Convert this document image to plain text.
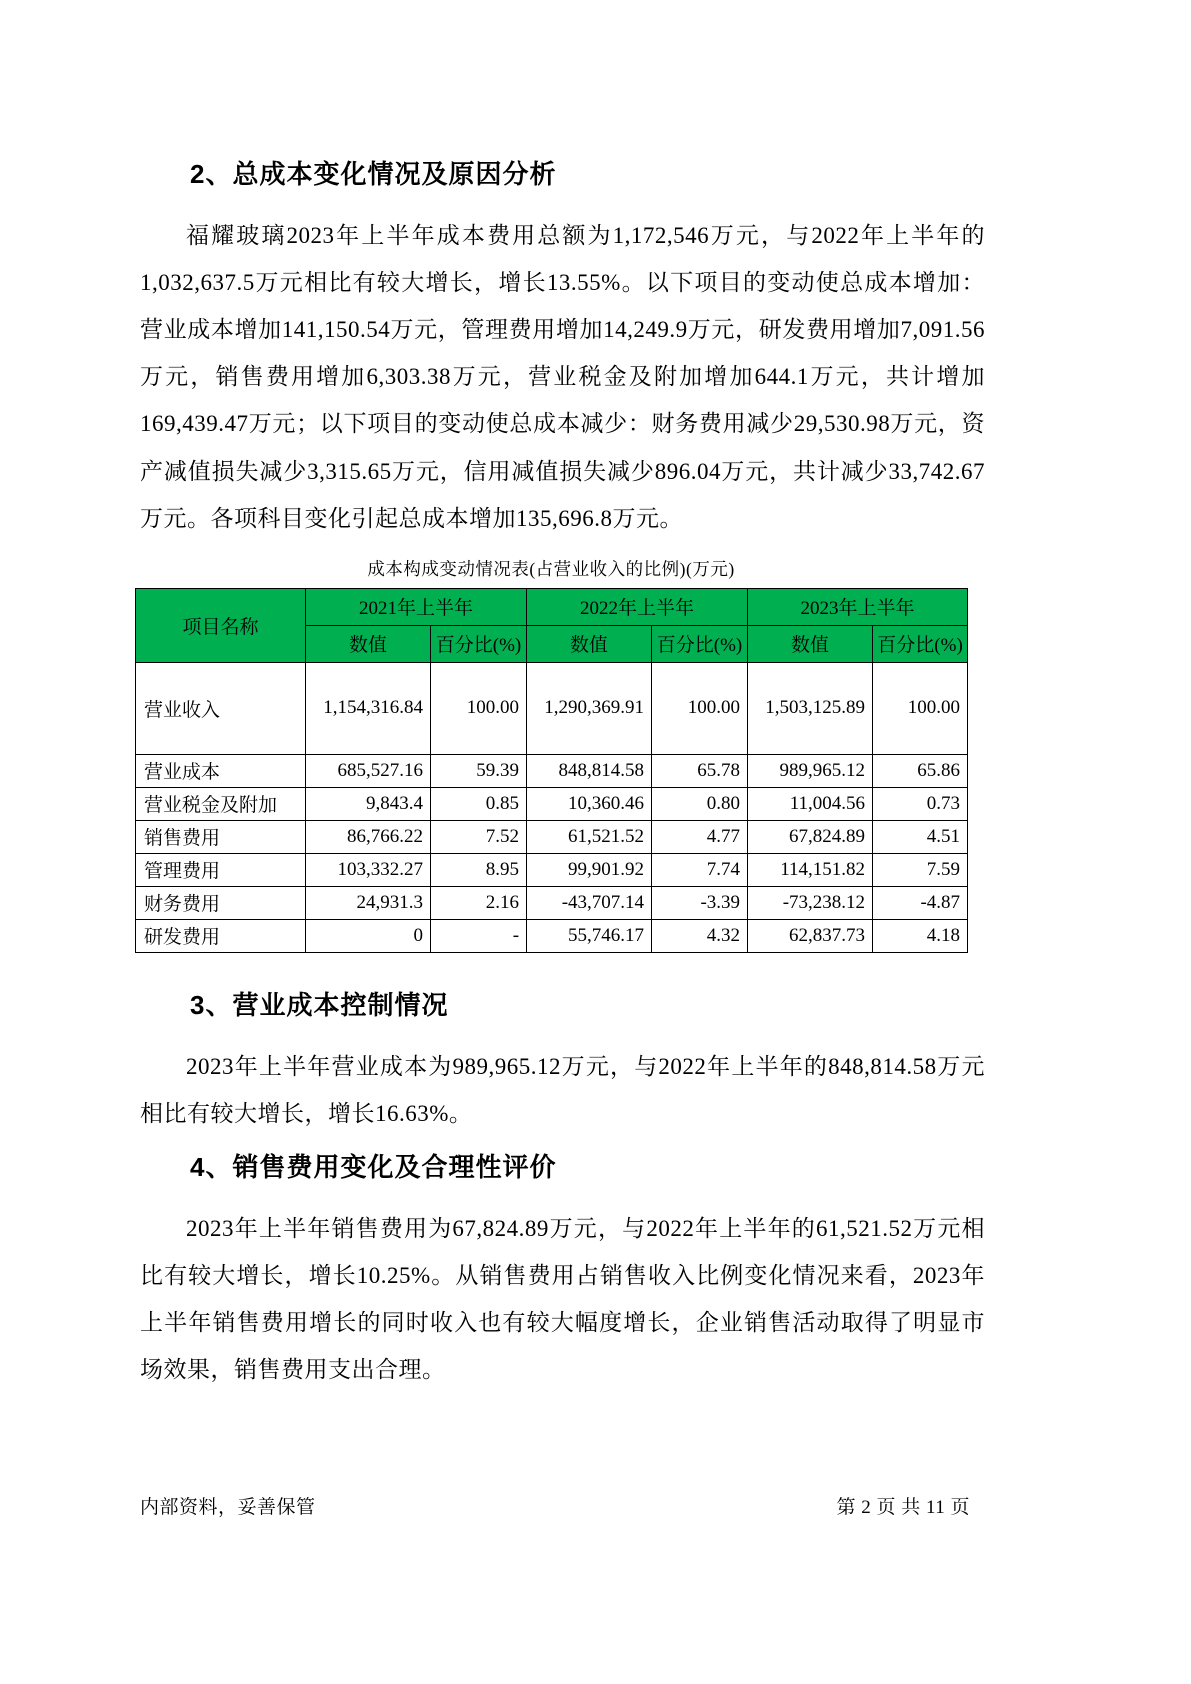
2、总成本变化情况及原因分析

福耀玻璃2023年上半年成本费用总额为1,172,546万元，与2022年上半年的1,032,637.5万元相比有较大增长，增长13.55%。以下项目的变动使总成本增加：营业成本增加141,150.54万元，管理费用增加14,249.9万元，研发费用增加7,091.56万元，销售费用增加6,303.38万元，营业税金及附加增加644.1万元，共计增加169,439.47万元；以下项目的变动使总成本减少：财务费用减少29,530.98万元，资产减值损失减少3,315.65万元，信用减值损失减少896.04万元，共计减少33,742.67万元。各项科目变化引起总成本增加135,696.8万元。

成本构成变动情况表(占营业收入的比例)(万元)
项目名称	2021年上半年		2022年上半年		2023年上半年	
	数值	百分比(%)	数值	百分比(%)	数值	百分比(%)
营业收入	1,154,316.84	100.00	1,290,369.91	100.00	1,503,125.89	100.00
营业成本	685,527.16	59.39	848,814.58	65.78	989,965.12	65.86
营业税金及附加	9,843.4	0.85	10,360.46	0.80	11,004.56	0.73
销售费用	86,766.22	7.52	61,521.52	4.77	67,824.89	4.51
管理费用	103,332.27	8.95	99,901.92	7.74	114,151.82	7.59
财务费用	24,931.3	2.16	-43,707.14	-3.39	-73,238.12	-4.87
研发费用	0	-	55,746.17	4.32	62,837.73	4.18
3、营业成本控制情况

2023年上半年营业成本为989,965.12万元，与2022年上半年的848,814.58万元相比有较大增长，增长16.63%。

4、销售费用变化及合理性评价

2023年上半年销售费用为67,824.89万元，与2022年上半年的61,521.52万元相比有较大增长，增长10.25%。从销售费用占销售收入比例变化情况来看，2023年上半年销售费用增长的同时收入也有较大幅度增长，企业销售活动取得了明显市场效果，销售费用支出合理。

内部资料，妥善保管	第 2 页 共 11 页
